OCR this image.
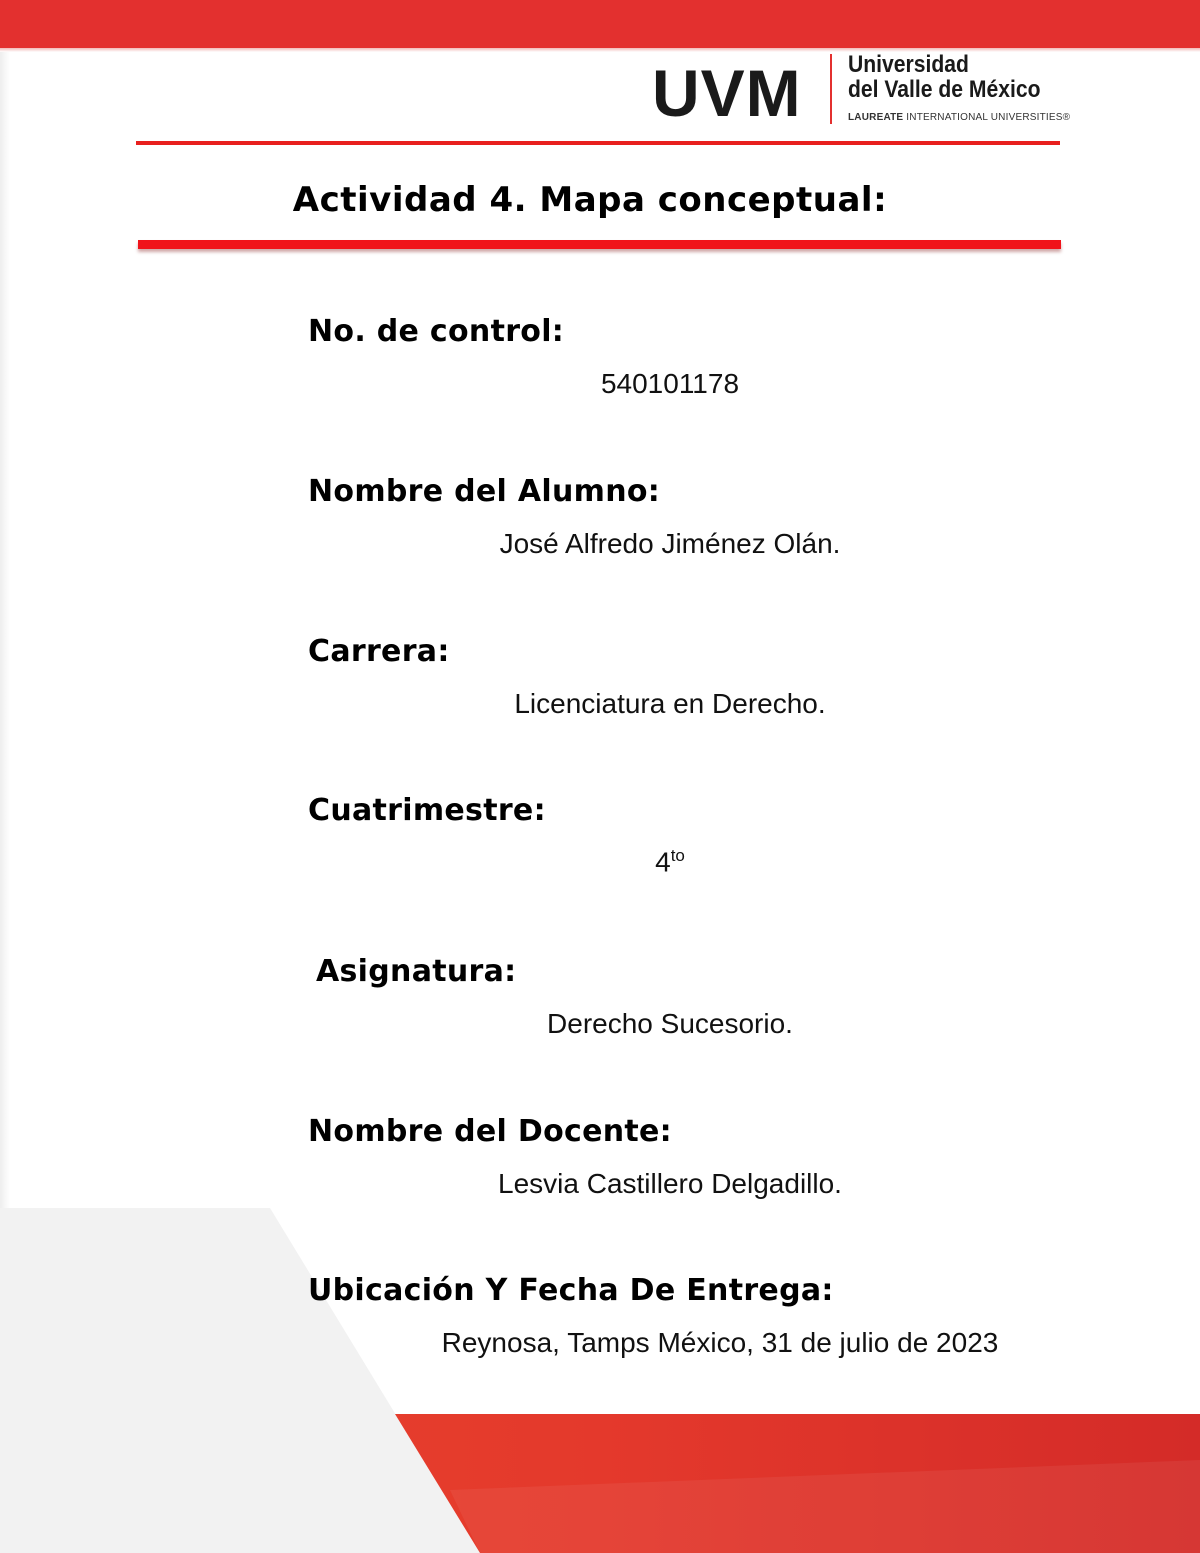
UVM Universidad
del Valle de México
LAUREATE INTERNATIONAL UNIVERSITIES®
Actividad 4. Mapa conceptual:
No. de control:
540101178
Nombre del Alumno:
José Alfredo Jiménez Olán.
Carrera:
Licenciatura en Derecho.
Cuatrimestre:
$4^{to}$
Asignatura:
Derecho Sucesorio.
Nombre del Docente:
Lesvia Castillero Delgadillo.
Ubicación Y Fecha De Entrega:
Reynosa, Tamps México, 31 de julio de 2023
